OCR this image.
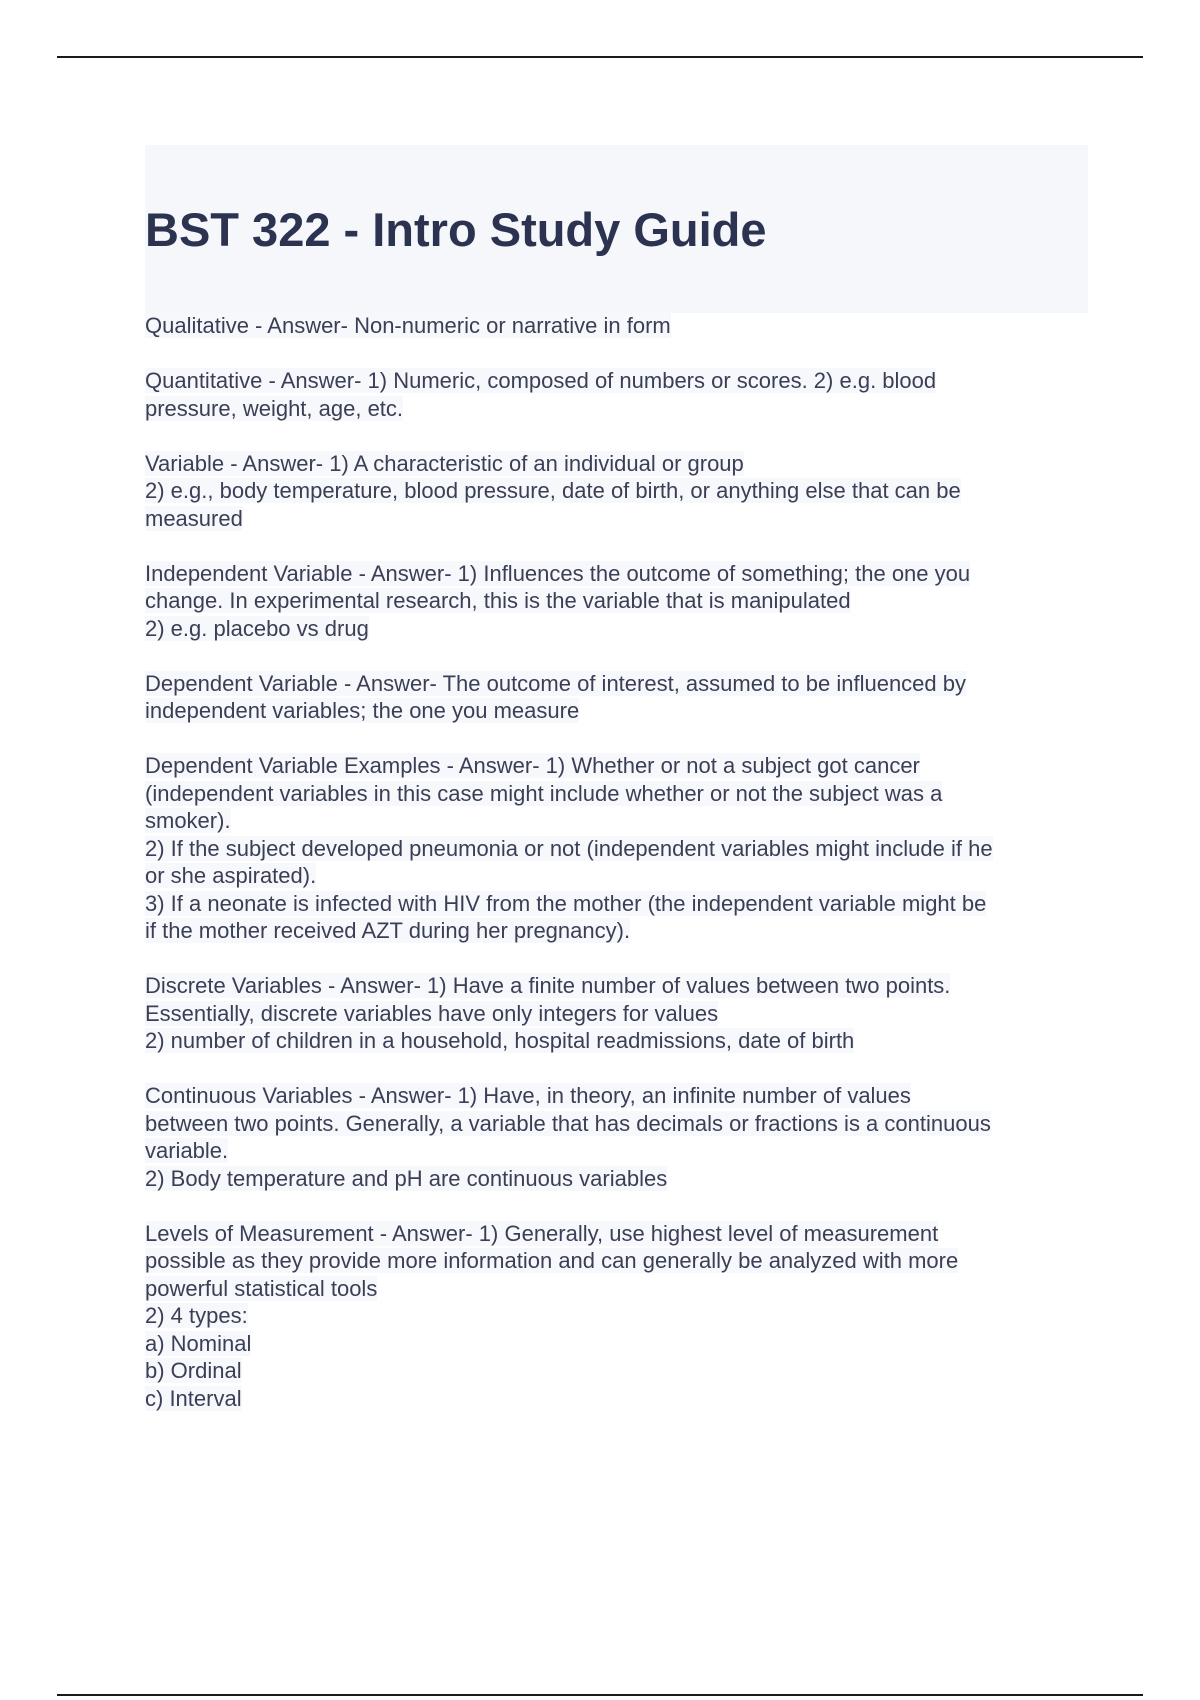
BST 322 - Intro Study Guide
Qualitative - Answer- Non-numeric or narrative in form
Quantitative - Answer- 1) Numeric, composed of numbers or scores. 2) e.g. blood
pressure, weight, age, etc.
Variable - Answer- 1) A characteristic of an individual or group
2) e.g., body temperature, blood pressure, date of birth, or anything else that can be
measured
Independent Variable - Answer- 1) Influences the outcome of something; the one you
change. In experimental research, this is the variable that is manipulated
2) e.g. placebo vs drug
Dependent Variable - Answer- The outcome of interest, assumed to be influenced by
independent variables; the one you measure
Dependent Variable Examples - Answer- 1) Whether or not a subject got cancer
(independent variables in this case might include whether or not the subject was a
smoker).
2) If the subject developed pneumonia or not (independent variables might include if he
or she aspirated).
3) If a neonate is infected with HIV from the mother (the independent variable might be
if the mother received AZT during her pregnancy).
Discrete Variables - Answer- 1) Have a finite number of values between two points.
Essentially, discrete variables have only integers for values
2) number of children in a household, hospital readmissions, date of birth
Continuous Variables - Answer- 1) Have, in theory, an infinite number of values
between two points. Generally, a variable that has decimals or fractions is a continuous
variable.
2) Body temperature and pH are continuous variables
Levels of Measurement - Answer- 1) Generally, use highest level of measurement
possible as they provide more information and can generally be analyzed with more
powerful statistical tools
2) 4 types:
a) Nominal
b) Ordinal
c) Interval
